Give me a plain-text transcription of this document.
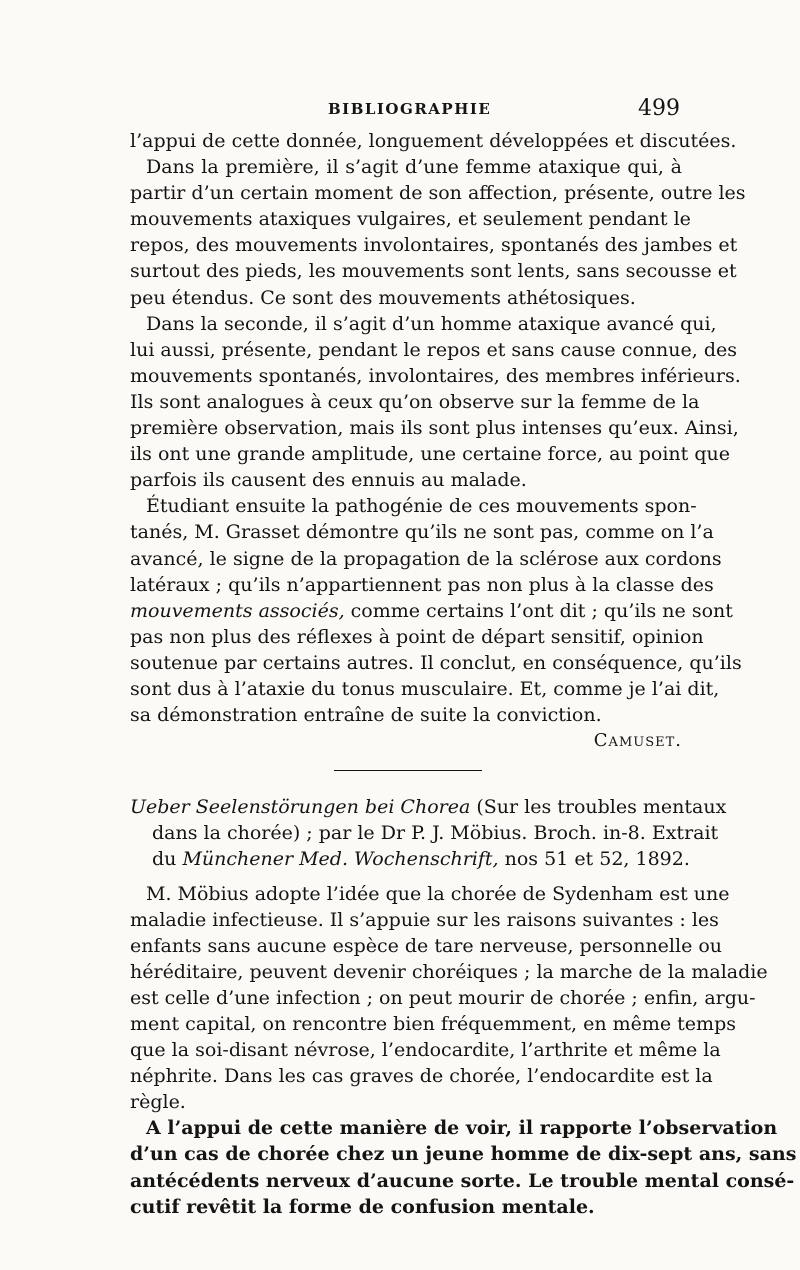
BIBLIOGRAPHIE	499
l’appui de cette donnée, longuement développées et discutées.
Dans la première, il s’agit d’une femme ataxique qui, à
partir d’un certain moment de son affection, présente, outre les
mouvements ataxiques vulgaires, et seulement pendant le
repos, des mouvements involontaires, spontanés des jambes et
surtout des pieds, les mouvements sont lents, sans secousse et
peu étendus. Ce sont des mouvements athétosiques.
Dans la seconde, il s’agit d’un homme ataxique avancé qui,
lui aussi, présente, pendant le repos et sans cause connue, des
mouvements spontanés, involontaires, des membres inférieurs.
Ils sont analogues à ceux qu’on observe sur la femme de la
première observation, mais ils sont plus intenses qu’eux. Ainsi,
ils ont une grande amplitude, une certaine force, au point que
parfois ils causent des ennuis au malade.
Étudiant ensuite la pathogénie de ces mouvements spon-
tanés, M. Grasset démontre qu’ils ne sont pas, comme on l’a
avancé, le signe de la propagation de la sclérose aux cordons
latéraux ; qu’ils n’appartiennent pas non plus à la classe des
mouvements associés, comme certains l’ont dit ; qu’ils ne sont
pas non plus des réflexes à point de départ sensitif, opinion
soutenue par certains autres. Il conclut, en conséquence, qu’ils
sont dus à l’ataxie du tonus musculaire. Et, comme je l’ai dit,
sa démonstration entraîne de suite la conviction.
Camuset.
Ueber Seelenstörungen bei Chorea (Sur les troubles mentaux
dans la chorée) ; par le Dr P. J. Möbius. Broch. in-8. Extrait
du Münchener Med. Wochenschrift, nos 51 et 52, 1892.
M. Möbius adopte l’idée que la chorée de Sydenham est une
maladie infectieuse. Il s’appuie sur les raisons suivantes : les
enfants sans aucune espèce de tare nerveuse, personnelle ou
héréditaire, peuvent devenir choréiques ; la marche de la maladie
est celle d’une infection ; on peut mourir de chorée ; enfin, argu-
ment capital, on rencontre bien fréquemment, en même temps
que la soi-disant névrose, l’endocardite, l’arthrite et même la
néphrite. Dans les cas graves de chorée, l’endocardite est la
règle.
A l’appui de cette manière de voir, il rapporte l’observation
d’un cas de chorée chez un jeune homme de dix-sept ans, sans
antécédents nerveux d’aucune sorte. Le trouble mental consé-
cutif revêtit la forme de confusion mentale.
